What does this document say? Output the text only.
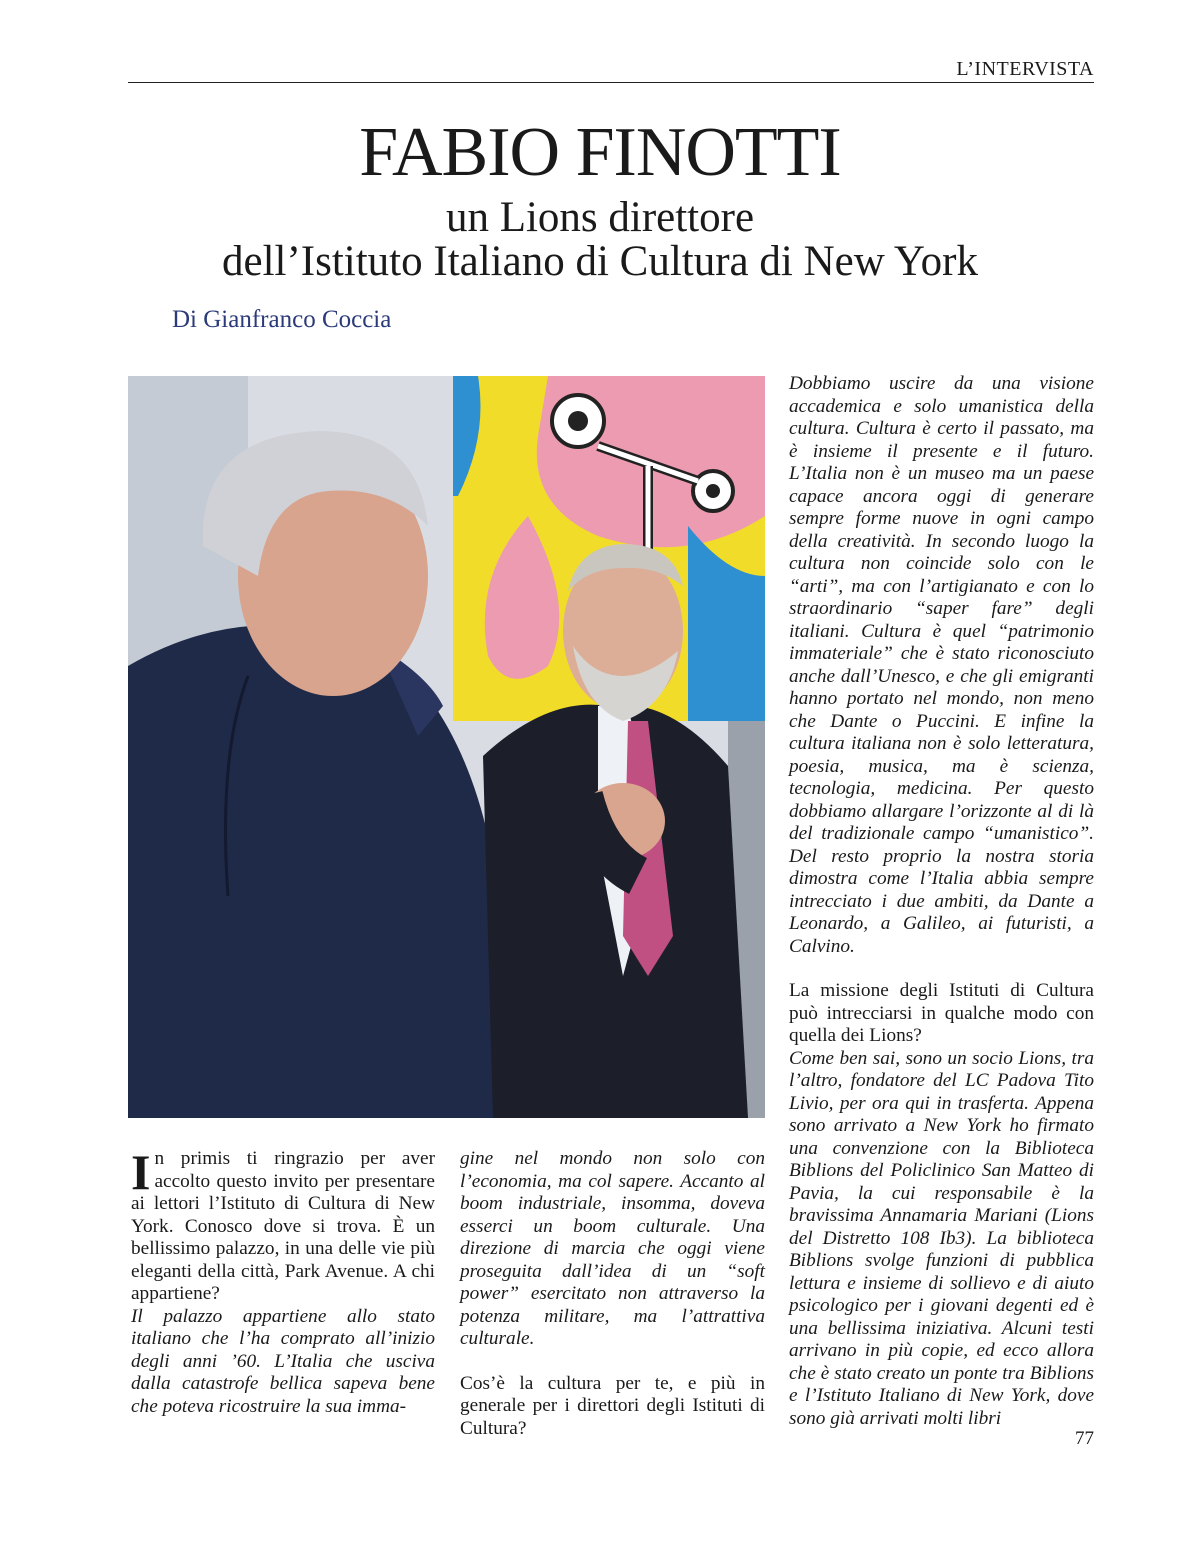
L’INTERVISTA
FABIO FINOTTI
un Lions direttore
dell’Istituto Italiano di Cultura di New York
Di Gianfranco Coccia

In primis ti ringrazio per aver accolto questo invito per presentare ai lettori l’Istituto di Cultura di New York. Conosco dove si trova. È un bellissimo palazzo, in una delle vie più eleganti della città, Park Avenue. A chi appartiene?

Il palazzo appartiene allo stato italiano che l’ha comprato all’inizio degli anni ’60. L’Italia che usciva dalla catastrofe bellica sapeva bene che poteva ricostruire la sua imma-

gine nel mondo non solo con l’economia, ma col sapere. Accanto al boom industriale, insomma, doveva esserci un boom culturale. Una direzione di marcia che oggi viene proseguita dall’idea di un “soft power” esercitato non attraverso la potenza militare, ma l’attrattiva culturale.

Cos’è la cultura per te, e più in generale per i direttori degli Istituti di Cultura?

Dobbiamo uscire da una visione accademica e solo umanistica della cultura. Cultura è certo il passato, ma è insieme il presente e il futuro. L’Italia non è un museo ma un paese capace ancora oggi di generare sempre forme nuove in ogni campo della creatività. In secondo luogo la cultura non coincide solo con le “arti”, ma con l’artigianato e con lo straordinario “saper fare” degli italiani. Cultura è quel “patrimonio immateriale” che è stato riconosciuto anche dall’Unesco, e che gli emigranti hanno portato nel mondo, non meno che Dante o Puccini. E infine la cultura italiana non è solo letteratura, poesia, musica, ma è scienza, tecnologia, medicina. Per questo dobbiamo allargare l’orizzonte al di là del tradizionale campo “umanistico”. Del resto proprio la nostra storia dimostra come l’Italia abbia sempre intrecciato i due ambiti, da Dante a Leonardo, a Galileo, ai futuristi, a Calvino.

La missione degli Istituti di Cultura può intrecciarsi in qualche modo con quella dei Lions?

Come ben sai, sono un socio Lions, tra l’altro, fondatore del LC Padova Tito Livio, per ora qui in trasferta. Appena sono arrivato a New York ho firmato una convenzione con la Biblioteca Biblions del Policlinico San Matteo di Pavia, la cui responsabile è la bravissima Annamaria Mariani (Lions del Distretto 108 Ib3). La biblioteca Biblions svolge funzioni di pubblica lettura e insieme di sollievo e di aiuto psicologico per i giovani degenti ed è una bellissima iniziativa. Alcuni testi arrivano in più copie, ed ecco allora che è stato creato un ponte tra Biblions e l’Istituto Italiano di New York, dove sono già arrivati molti libri

77
